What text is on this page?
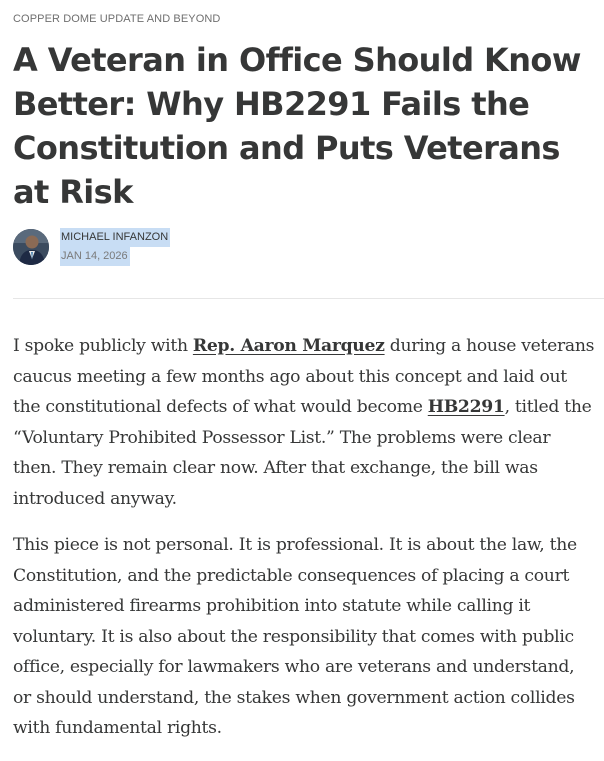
COPPER DOME UPDATE AND BEYOND
A Veteran in Office Should Know Better: Why HB2291 Fails the Constitution and Puts Veterans at Risk
MICHAEL INFANZON
JAN 14, 2026

I spoke publicly with Rep. Aaron Marquez during a house veterans caucus meeting a few months ago about this concept and laid out the constitutional defects of what would become HB2291, titled the “Voluntary Prohibited Possessor List.” The problems were clear then. They remain clear now. After that exchange, the bill was introduced anyway.

This piece is not personal. It is professional. It is about the law, the Constitution, and the predictable consequences of placing a court administered firearms prohibition into statute while calling it voluntary. It is also about the responsibility that comes with public office, especially for lawmakers who are veterans and understand, or should understand, the stakes when government action collides with fundamental rights.
